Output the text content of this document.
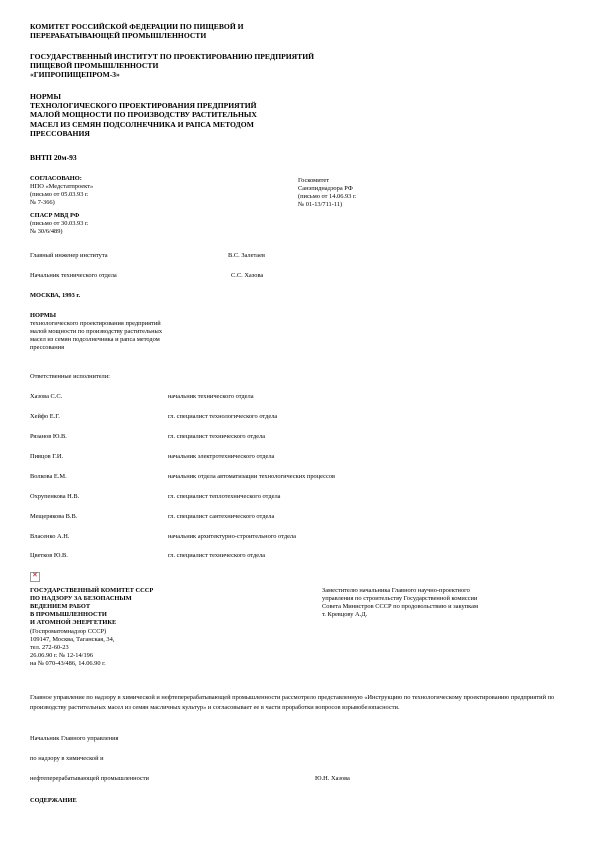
КОМИТЕТ РОССИЙСКОЙ ФЕДЕРАЦИИ ПО ПИЩЕВОЙ И
ПЕРЕРАБАТЫВАЮЩЕЙ ПРОМЫШЛЕННОСТИ
ГОСУДАРСТВЕННЫЙ ИНСТИТУТ ПО ПРОЕКТИРОВАНИЮ ПРЕДПРИЯТИЙ
ПИЩЕВОЙ ПРОМЫШЛЕННОСТИ
«ГИПРОПИЩЕПРОМ-3»
НОРМЫ
ТЕХНОЛОГИЧЕСКОГО ПРОЕКТИРОВАНИЯ ПРЕДПРИЯТИЙ
МАЛОЙ МОЩНОСТИ ПО ПРОИЗВОДСТВУ РАСТИТЕЛЬНЫХ
МАСЕЛ ИЗ СЕМЯН ПОДСОЛНЕЧНИКА И РАПСА МЕТОДОМ
ПРЕССОВАНИЯ
ВНТП 20м-93
СОГЛАСОВАНО:
НПО «Медстатпроект»
(письмо от 05.03.93 г.
№ 7-366)
Госкомитет
Санэпиднадзора РФ
(письмо от 14.06.93 г.
№ 01-13/711-11)
СПАСР МВД РФ
(письмо от 30.03.93 г.
№ 30/6/489)
Главный инженер института	В.С. Залетаев
Начальник технического отдела	С.С. Хазова
МОСКВА, 1993 г.
НОРМЫ
технологического проектирования предприятий
малой мощности по производству растительных
масел из семян подсолнечника и рапса методом
прессования
Ответственные исполнители:
Хазова С.С.	начальник технического отдела
Хейфо Е.Г.	гл. специалист технологического отдела
Рязанов Ю.В.	гл. специалист технического отдела
Пивцов Г.И.	начальник электротехнического отдела
Волкова Е.М.	начальник отдела автоматизации технологических процессов
Охрупенкова Н.В.	гл. специалист теплотехнического отдела
Мещерякова В.В.	гл. специалист сантехнического отдела
Власенко А.Н.	начальник архитектурно-строительного отдела
Цветков Ю.В.	гл. специалист технического отдела
✕
ГОСУДАРСТВЕННЫЙ КОМИТЕТ СССР
ПО НАДЗОРУ ЗА БЕЗОПАСНЫМ
ВЕДЕНИЕМ РАБОТ
В ПРОМЫШЛЕННОСТИ
И АТОМНОЙ ЭНЕРГЕТИКЕ
(Госпроматомнадзор СССР)
109147, Москва, Таганская, 34,
тел. 272-60-23
26.06.90 г. № 12-14/196
на № 070-43/486, 14.06.90 г.
Заместителю начальника Главного научно-проектного
управления по строительству Государственной комиссии
Совета Министров СССР по продовольствию и закупкам
т. Кревцову А.Д.
Главное управление по надзору в химической и нефтеперерабатывающей промышленности рассмотрело представленную «Инструкцию по технологическому проектированию предприятий по производству растительных масел из семян масличных культур» и согласовывает ее в части проработки вопросов взрывобезопасности.
Начальник Главного управления
по надзору в химической и
нефтеперерабатывающей промышленности	Ю.Н. Хазова
СОДЕРЖАНИЕ
